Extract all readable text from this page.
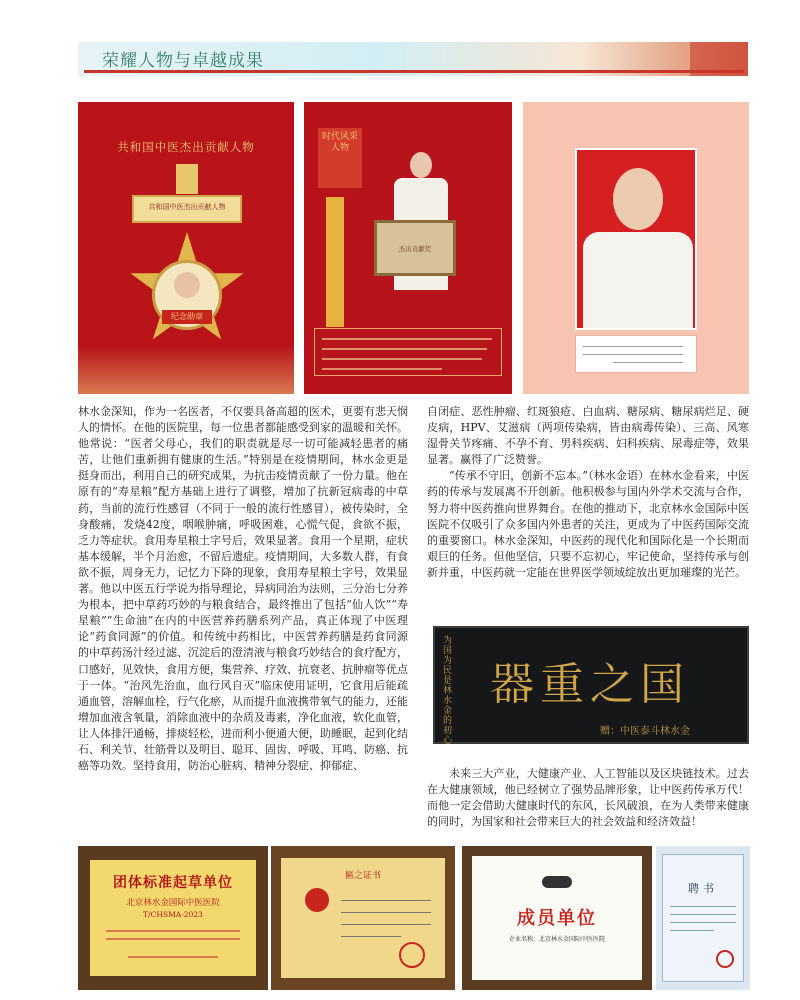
荣耀人物与卓越成果
共和国中医杰出贡献人物
共和国中医杰出贡献人物
纪念勋章
时代风采人物
杰出贡献奖

林水金深知，作为一名医者，不仅要具备高超的医术，更要有悲天悯人的情怀。在他的医院里，每一位患者都能感受到家的温暖和关怀。他常说：“医者父母心，我们的职责就是尽一切可能减轻患者的痛苦，让他们重新拥有健康的生活。”特别是在疫情期间，林水金更是挺身而出，利用自己的研究成果，为抗击疫情贡献了一份力量。他在原有的“寿星粮”配方基础上进行了调整，增加了抗新冠病毒的中草药，当前的流行性感冒（不同于一般的流行性感冒），被传染时，全身酸痛，发烧42度，咽喉肿痛，呼吸困难，心慌气促，食欲不振，乏力等症状。食用寿星粮土字号后，效果显著。食用一个星期，症状基本缓解，半个月治愈，不留后遗症。疫情期间，大多数人群，有食欲不振，周身无力，记忆力下降的现象，食用寿星粮土字号，效果显著。他以中医五行学说为指导理论，异病同治为法则，三分治七分养为根本，把中草药巧妙的与粮食结合，最终推出了包括“仙人饮”“寿星粮”“生命油”在内的中医营养药膳系列产品，真正体现了中医理论“药食同源”的价值。和传统中药相比，中医营养药膳是药食同源的中草药汤汁经过滤、沉淀后的澄清液与粮食巧妙结合的食疗配方，口感好，见效快，食用方便，集营养、疗效、抗衰老、抗肿瘤等优点于一体。“治风先治血，血行风自灭”临床使用证明，它食用后能疏通血管，溶解血栓，行气化瘀，从而提升血液携带氧气的能力，还能增加血液含氧量，消除血液中的杂质及毒素，净化血液，软化血管，让人体排汗通畅，排痰轻松，进而利小便通大便，助睡眠，起到化结石、利关节、壮筋骨以及明目、聪耳、固齿、呼吸、耳鸣、防癌、抗癌等功效。坚持食用，防治心脏病、精神分裂症、抑郁症、

自闭症、恶性肿瘤、红斑狼疮、白血病、糖尿病、糖尿病烂足、硬皮病，HPV、艾滋病（两项传染病，皆由病毒传染）、三高、风寒湿骨关节疼痛、不孕不育、男科疾病、妇科疾病、尿毒症等，效果显著。赢得了广泛赞誉。

“传承不守旧，创新不忘本。”（林水金语）在林水金看来，中医药的传承与发展离不开创新。他积极参与国内外学术交流与合作，努力将中医药推向世界舞台。在他的推动下，北京林水金国际中医医院不仅吸引了众多国内外患者的关注，更成为了中医药国际交流的重要窗口。林水金深知，中医药的现代化和国际化是一个长期而艰巨的任务。但他坚信，只要不忘初心，牢记使命，坚持传承与创新并重，中医药就一定能在世界医学领域绽放出更加璀璨的光芒。

为国为民是林水金的初心
器重之国
赠：中医泰斗林水金
未来三大产业，大健康产业、人工智能以及区块链技术。过去在大健康领域，他已经树立了强势品牌形象，让中医药传承万代！而他一定会借助大健康时代的东风，长风破浪，在为人类带来健康的同时，为国家和社会带来巨大的社会效益和经济效益！
团体标准起草单位
北京林水金国际中医医院
T/CHSMA-2023
匾之证书
成员单位
企业名称：北京林水金国际中医医院
聘书
